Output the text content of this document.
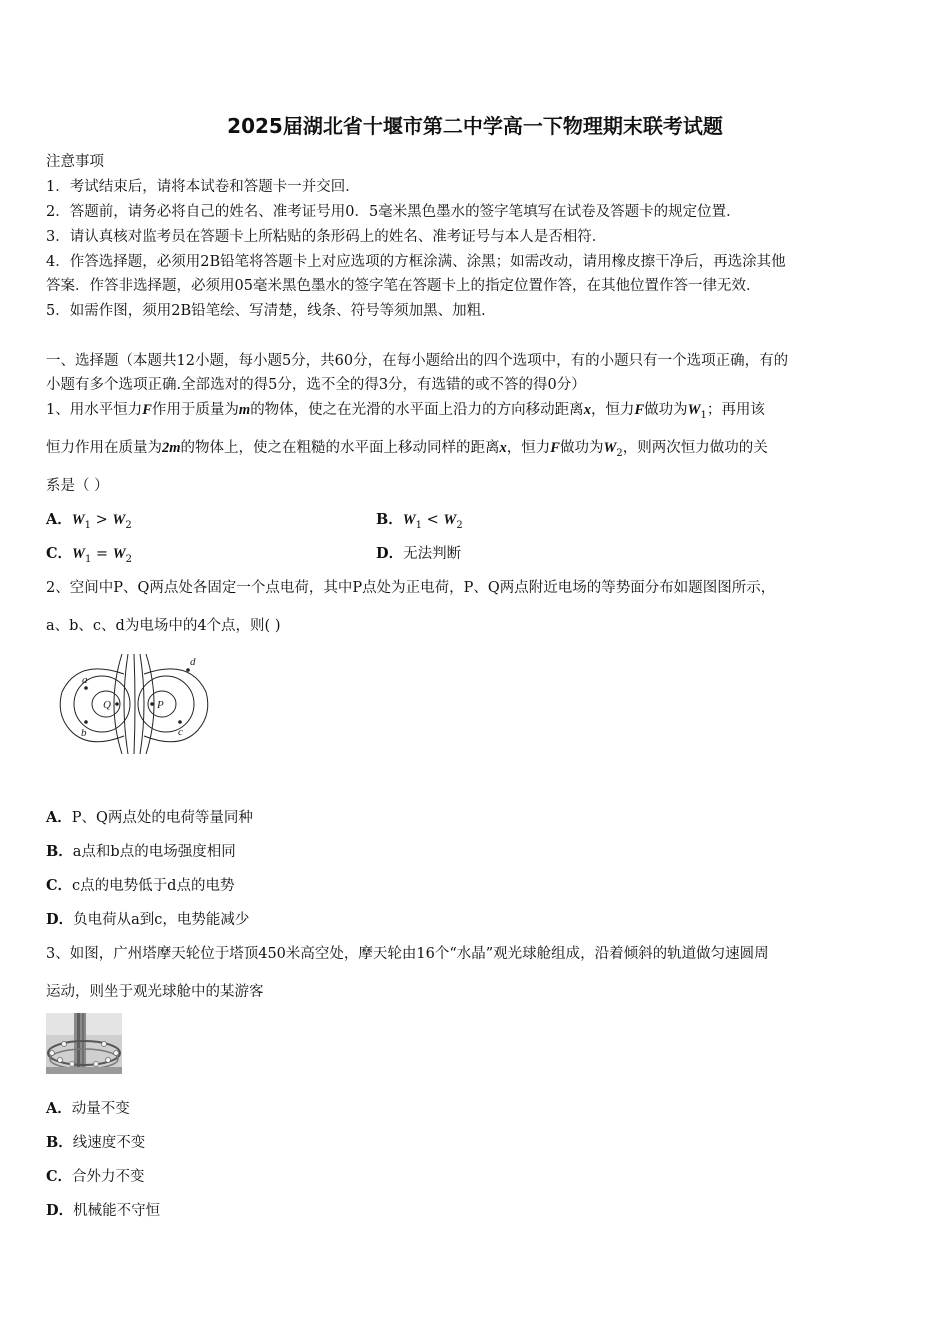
2025届湖北省十堰市第二中学高一下物理期末联考试题
注意事项
1．考试结束后，请将本试卷和答题卡一并交回．
2．答题前，请务必将自己的姓名、准考证号用0．5毫米黑色墨水的签字笔填写在试卷及答题卡的规定位置．
3．请认真核对监考员在答题卡上所粘贴的条形码上的姓名、准考证号与本人是否相符．
4．作答选择题，必须用2B铅笔将答题卡上对应选项的方框涂满、涂黑；如需改动，请用橡皮擦干净后，再选涂其他
答案．作答非选择题，必须用05毫米黑色墨水的签字笔在答题卡上的指定位置作答，在其他位置作答一律无效．
5．如需作图，须用2B铅笔绘、写清楚，线条、符号等须加黑、加粗．
一、选择题（本题共12小题，每小题5分，共60分，在每小题给出的四个选项中，有的小题只有一个选项正确，有的
小题有多个选项正确.全部选对的得5分，选不全的得3分，有选错的或不答的得0分）
1、用水平恒力F作用于质量为m的物体，使之在光滑的水平面上沿力的方向移动距离x，恒力F做功为$W_1$；再用该
恒力作用在质量为2m的物体上，使之在粗糙的水平面上移动同样的距离x，恒力F做功为$W_2$，则两次恒力做功的关
系是（ ）
A．$W_1 > W_2$	B．$W_1 < W_2$
C．$W_1 = W_2$	D．无法判断
2、空间中P、Q两点处各固定一个点电荷，其中P点处为正电荷，P、Q两点附近电场的等势面分布如题图图所示，
a、b、c、d为电场中的4个点，则( )
a
b	c
d
Q	P
A．P、Q两点处的电荷等量同种
B．a点和b点的电场强度相同
C．c点的电势低于d点的电势
D．负电荷从a到c，电势能减少
3、如图，广州塔摩天轮位于塔顶450米高空处，摩天轮由16个“水晶”观光球舱组成，沿着倾斜的轨道做匀速圆周
运动，则坐于观光球舱中的某游客
A．动量不变
B．线速度不变
C．合外力不变
D．机械能不守恒
